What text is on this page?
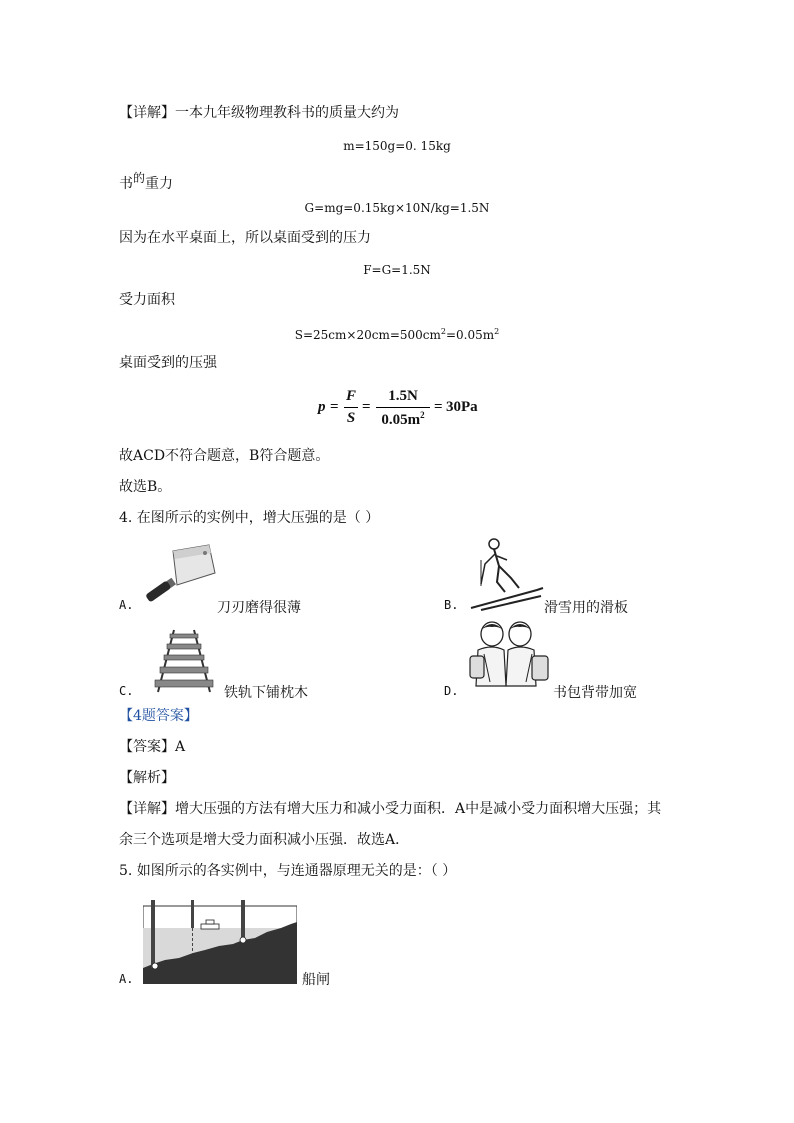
【详解】一本九年级物理教科书的质量大约为
m=150g=0. 15kg
书$^的$重力
G=mg=0.15kg×10N/kg=1.5N
因为在水平桌面上，所以桌面受到的压力
F=G=1.5N
受力面积
$S=25cm\times 20cm=500cm^2=0.05m^2$
桌面受到的压强
p =
F
S
=
1.5N
$0.05m^2 = 30Pa$
故ACD不符合题意，B符合题意。
故选B。
4. 在图所示的实例中，增大压强的是（ ）
A.	刀刃磨得很薄	B.	滑雪用的滑板
C.	铁轨下铺枕木	D.	书包背带加宽
【4题答案】
【答案】A
【解析】
【详解】增大压强的方法有增大压力和减小受力面积．A中是减小受力面积增大压强；其
余三个选项是增大受力面积减小压强．故选A．
5. 如图所示的各实例中，与连通器原理无关的是：（ ）
A.	船闸
